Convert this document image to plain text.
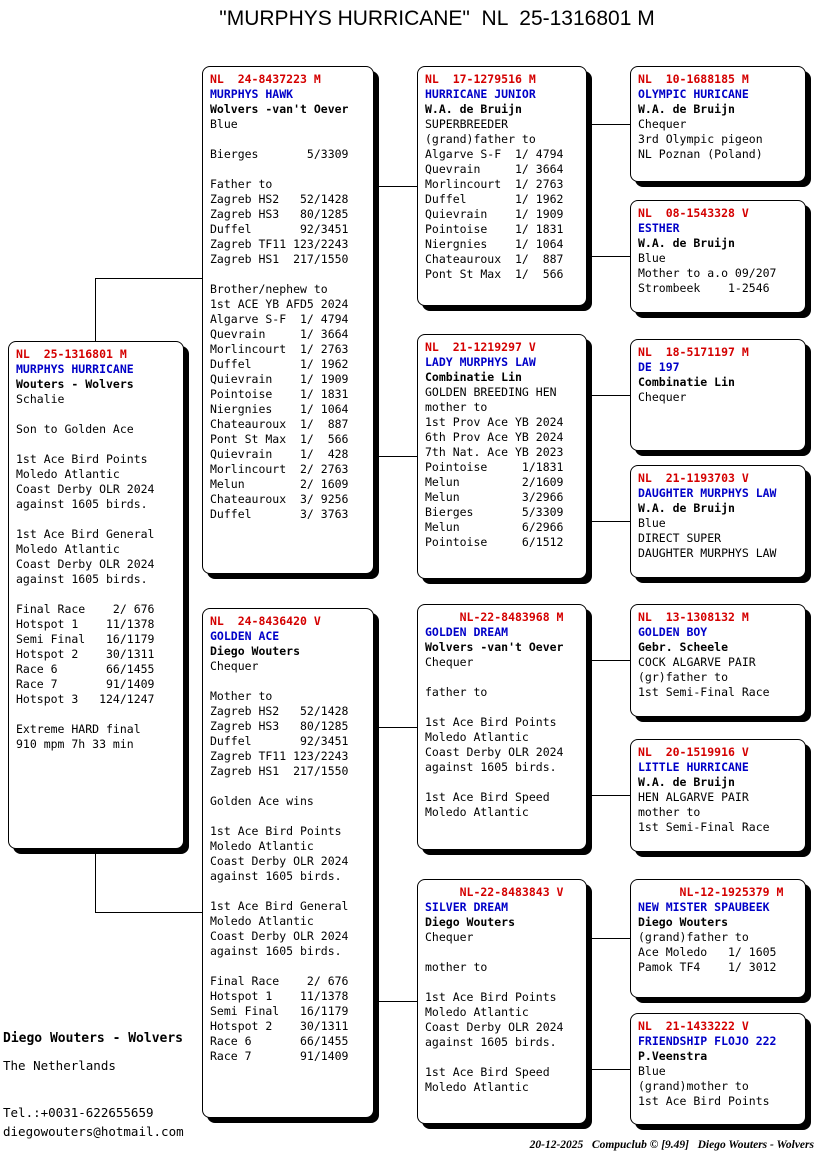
"MURPHYS HURRICANE"  NL  25-1316801 M
NL  25-1316801 M
MURPHYS HURRICANE
Wouters - Wolvers
Schalie

Son to Golden Ace

1st Ace Bird Points
Moledo Atlantic
Coast Derby OLR 2024
against 1605 birds.

1st Ace Bird General
Moledo Atlantic
Coast Derby OLR 2024
against 1605 birds.

Final Race    2/ 676
Hotspot 1    11/1378
Semi Final   16/1179
Hotspot 2    30/1311
Race 6       66/1455
Race 7       91/1409
Hotspot 3   124/1247

Extreme HARD final
910 mpm 7h 33 min
NL  24-8437223 M
MURPHYS HAWK
Wolvers -van't Oever
Blue

Bierges       5/3309

Father to
Zagreb HS2   52/1428
Zagreb HS3   80/1285
Duffel       92/3451
Zagreb TF11 123/2243
Zagreb HS1  217/1550

Brother/nephew to
1st ACE YB AFD5 2024
Algarve S-F  1/ 4794
Quevrain     1/ 3664
Morlincourt  1/ 2763
Duffel       1/ 1962
Quievrain    1/ 1909
Pointoise    1/ 1831
Niergnies    1/ 1064
Chateauroux  1/  887
Pont St Max  1/  566
Quievrain    1/  428
Morlincourt  2/ 2763
Melun        2/ 1609
Chateauroux  3/ 9256
Duffel       3/ 3763
NL  24-8436420 V
GOLDEN ACE
Diego Wouters
Chequer

Mother to
Zagreb HS2   52/1428
Zagreb HS3   80/1285
Duffel       92/3451
Zagreb TF11 123/2243
Zagreb HS1  217/1550

Golden Ace wins

1st Ace Bird Points
Moledo Atlantic
Coast Derby OLR 2024
against 1605 birds.

1st Ace Bird General
Moledo Atlantic
Coast Derby OLR 2024
against 1605 birds.

Final Race    2/ 676
Hotspot 1    11/1378
Semi Final   16/1179
Hotspot 2    30/1311
Race 6       66/1455
Race 7       91/1409
NL  17-1279516 M
HURRICANE JUNIOR
W.A. de Bruijn
SUPERBREEDER
(grand)father to
Algarve S-F  1/ 4794
Quevrain     1/ 3664
Morlincourt  1/ 2763
Duffel       1/ 1962
Quievrain    1/ 1909
Pointoise    1/ 1831
Niergnies    1/ 1064
Chateauroux  1/  887
Pont St Max  1/  566
NL  21-1219297 V
LADY MURPHYS LAW
Combinatie Lin
GOLDEN BREEDING HEN
mother to
1st Prov Ace YB 2024
6th Prov Ace YB 2024
7th Nat. Ace YB 2023
Pointoise     1/1831
Melun         2/1609
Melun         3/2966
Bierges       5/3309
Melun         6/2966
Pointoise     6/1512
NL-22-8483968 M
GOLDEN DREAM
Wolvers -van't Oever
Chequer

father to

1st Ace Bird Points
Moledo Atlantic
Coast Derby OLR 2024
against 1605 birds.

1st Ace Bird Speed
Moledo Atlantic
NL-22-8483843 V
SILVER DREAM
Diego Wouters
Chequer

mother to

1st Ace Bird Points
Moledo Atlantic
Coast Derby OLR 2024
against 1605 birds.

1st Ace Bird Speed
Moledo Atlantic
NL  10-1688185 M
OLYMPIC HURICANE
W.A. de Bruijn
Chequer
3rd Olympic pigeon
NL Poznan (Poland)
NL  08-1543328 V
ESTHER
W.A. de Bruijn
Blue
Mother to a.o 09/207
Strombeek    1-2546
NL  18-5171197 M
DE 197
Combinatie Lin
Chequer
NL  21-1193703 V
DAUGHTER MURPHYS LAW
W.A. de Bruijn
Blue
DIRECT SUPER
DAUGHTER MURPHYS LAW
NL  13-1308132 M
GOLDEN BOY
Gebr. Scheele
COCK ALGARVE PAIR
(gr)father to
1st Semi-Final Race
NL  20-1519916 V
LITTLE HURRICANE
W.A. de Bruijn
HEN ALGARVE PAIR
mother to
1st Semi-Final Race
NL-12-1925379 M
NEW MISTER SPAUBEEK
Diego Wouters
(grand)father to
Ace Moledo   1/ 1605
Pamok TF4    1/ 3012
NL  21-1433222 V
FRIENDSHIP FLOJO 222
P.Veenstra
Blue
(grand)mother to
1st Ace Bird Points
Diego Wouters - Wolvers
The Netherlands
Tel.:+0031-622655659
diegowouters@hotmail.com
20-12-2025   Compuclub © [9.49]   Diego Wouters - Wolvers
